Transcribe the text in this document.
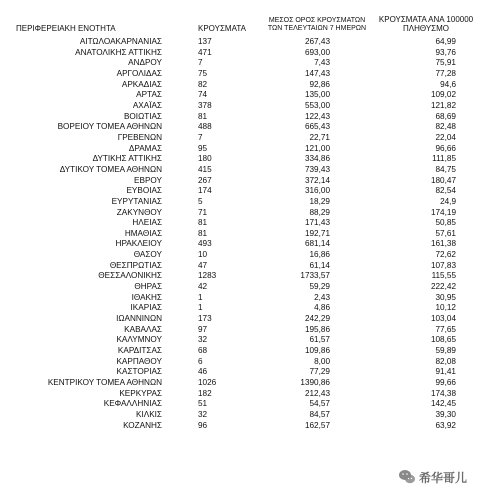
ΠΕΡΙΦΕΡΕΙΑΚΗ ΕΝΟΤΗΤΑ	ΚΡΟΥΣΜΑΤΑ	ΜΕΣΟΣ ΟΡΟΣ ΚΡΟΥΣΜΑΤΩΝ
ΤΩΝ ΤΕΛΕΥΤΑΙΩΝ 7 ΗΜΕΡΩΝ	ΚΡΟΥΣΜΑΤΑ ΑΝΑ 100000
ΠΛΗΘΥΣΜΟ
ΑΙΤΩΛΟΑΚΑΡΝΑΝΙΑΣ	137	267,43	64,99
ΑΝΑΤΟΛΙΚΗΣ ΑΤΤΙΚΗΣ	471	693,00	93,76
ΑΝΔΡΟΥ	7	7,43	75,91
ΑΡΓΟΛΙΔΑΣ	75	147,43	77,28
ΑΡΚΑΔΙΑΣ	82	92,86	94,6
ΑΡΤΑΣ	74	135,00	109,02
ΑΧΑΪΑΣ	378	553,00	121,82
ΒΟΙΩΤΙΑΣ	81	122,43	68,69
ΒΟΡΕΙΟΥ ΤΟΜΕΑ ΑΘΗΝΩΝ	488	665,43	82,48
ΓΡΕΒΕΝΩΝ	7	22,71	22,04
ΔΡΑΜΑΣ	95	121,00	96,66
ΔΥΤΙΚΗΣ ΑΤΤΙΚΗΣ	180	334,86	111,85
ΔΥΤΙΚΟΥ ΤΟΜΕΑ ΑΘΗΝΩΝ	415	739,43	84,75
ΕΒΡΟΥ	267	372,14	180,47
ΕΥΒΟΙΑΣ	174	316,00	82,54
ΕΥΡΥΤΑΝΙΑΣ	5	18,29	24,9
ΖΑΚΥΝΘΟΥ	71	88,29	174,19
ΗΛΕΙΑΣ	81	171,43	50,85
ΗΜΑΘΙΑΣ	81	192,71	57,61
ΗΡΑΚΛΕΙΟΥ	493	681,14	161,38
ΘΑΣΟΥ	10	16,86	72,62
ΘΕΣΠΡΩΤΙΑΣ	47	61,14	107,83
ΘΕΣΣΑΛΟΝΙΚΗΣ	1283	1733,57	115,55
ΘΗΡΑΣ	42	59,29	222,42
ΙΘΑΚΗΣ	1	2,43	30,95
ΙΚΑΡΙΑΣ	1	4,86	10,12
ΙΩΑΝΝΙΝΩΝ	173	242,29	103,04
ΚΑΒΑΛΑΣ	97	195,86	77,65
ΚΑΛΥΜΝΟΥ	32	61,57	108,65
ΚΑΡΔΙΤΣΑΣ	68	109,86	59,89
ΚΑΡΠΑΘΟΥ	6	8,00	82,08
ΚΑΣΤΟΡΙΑΣ	46	77,29	91,41
ΚΕΝΤΡΙΚΟΥ ΤΟΜΕΑ ΑΘΗΝΩΝ	1026	1390,86	99,66
ΚΕΡΚΥΡΑΣ	182	212,43	174,38
ΚΕΦΑΛΛΗΝΙΑΣ	51	54,57	142,45
ΚΙΛΚΙΣ	32	84,57	39,30
ΚΟΖΑΝΗΣ	96	162,57	63,92
希华哥儿
